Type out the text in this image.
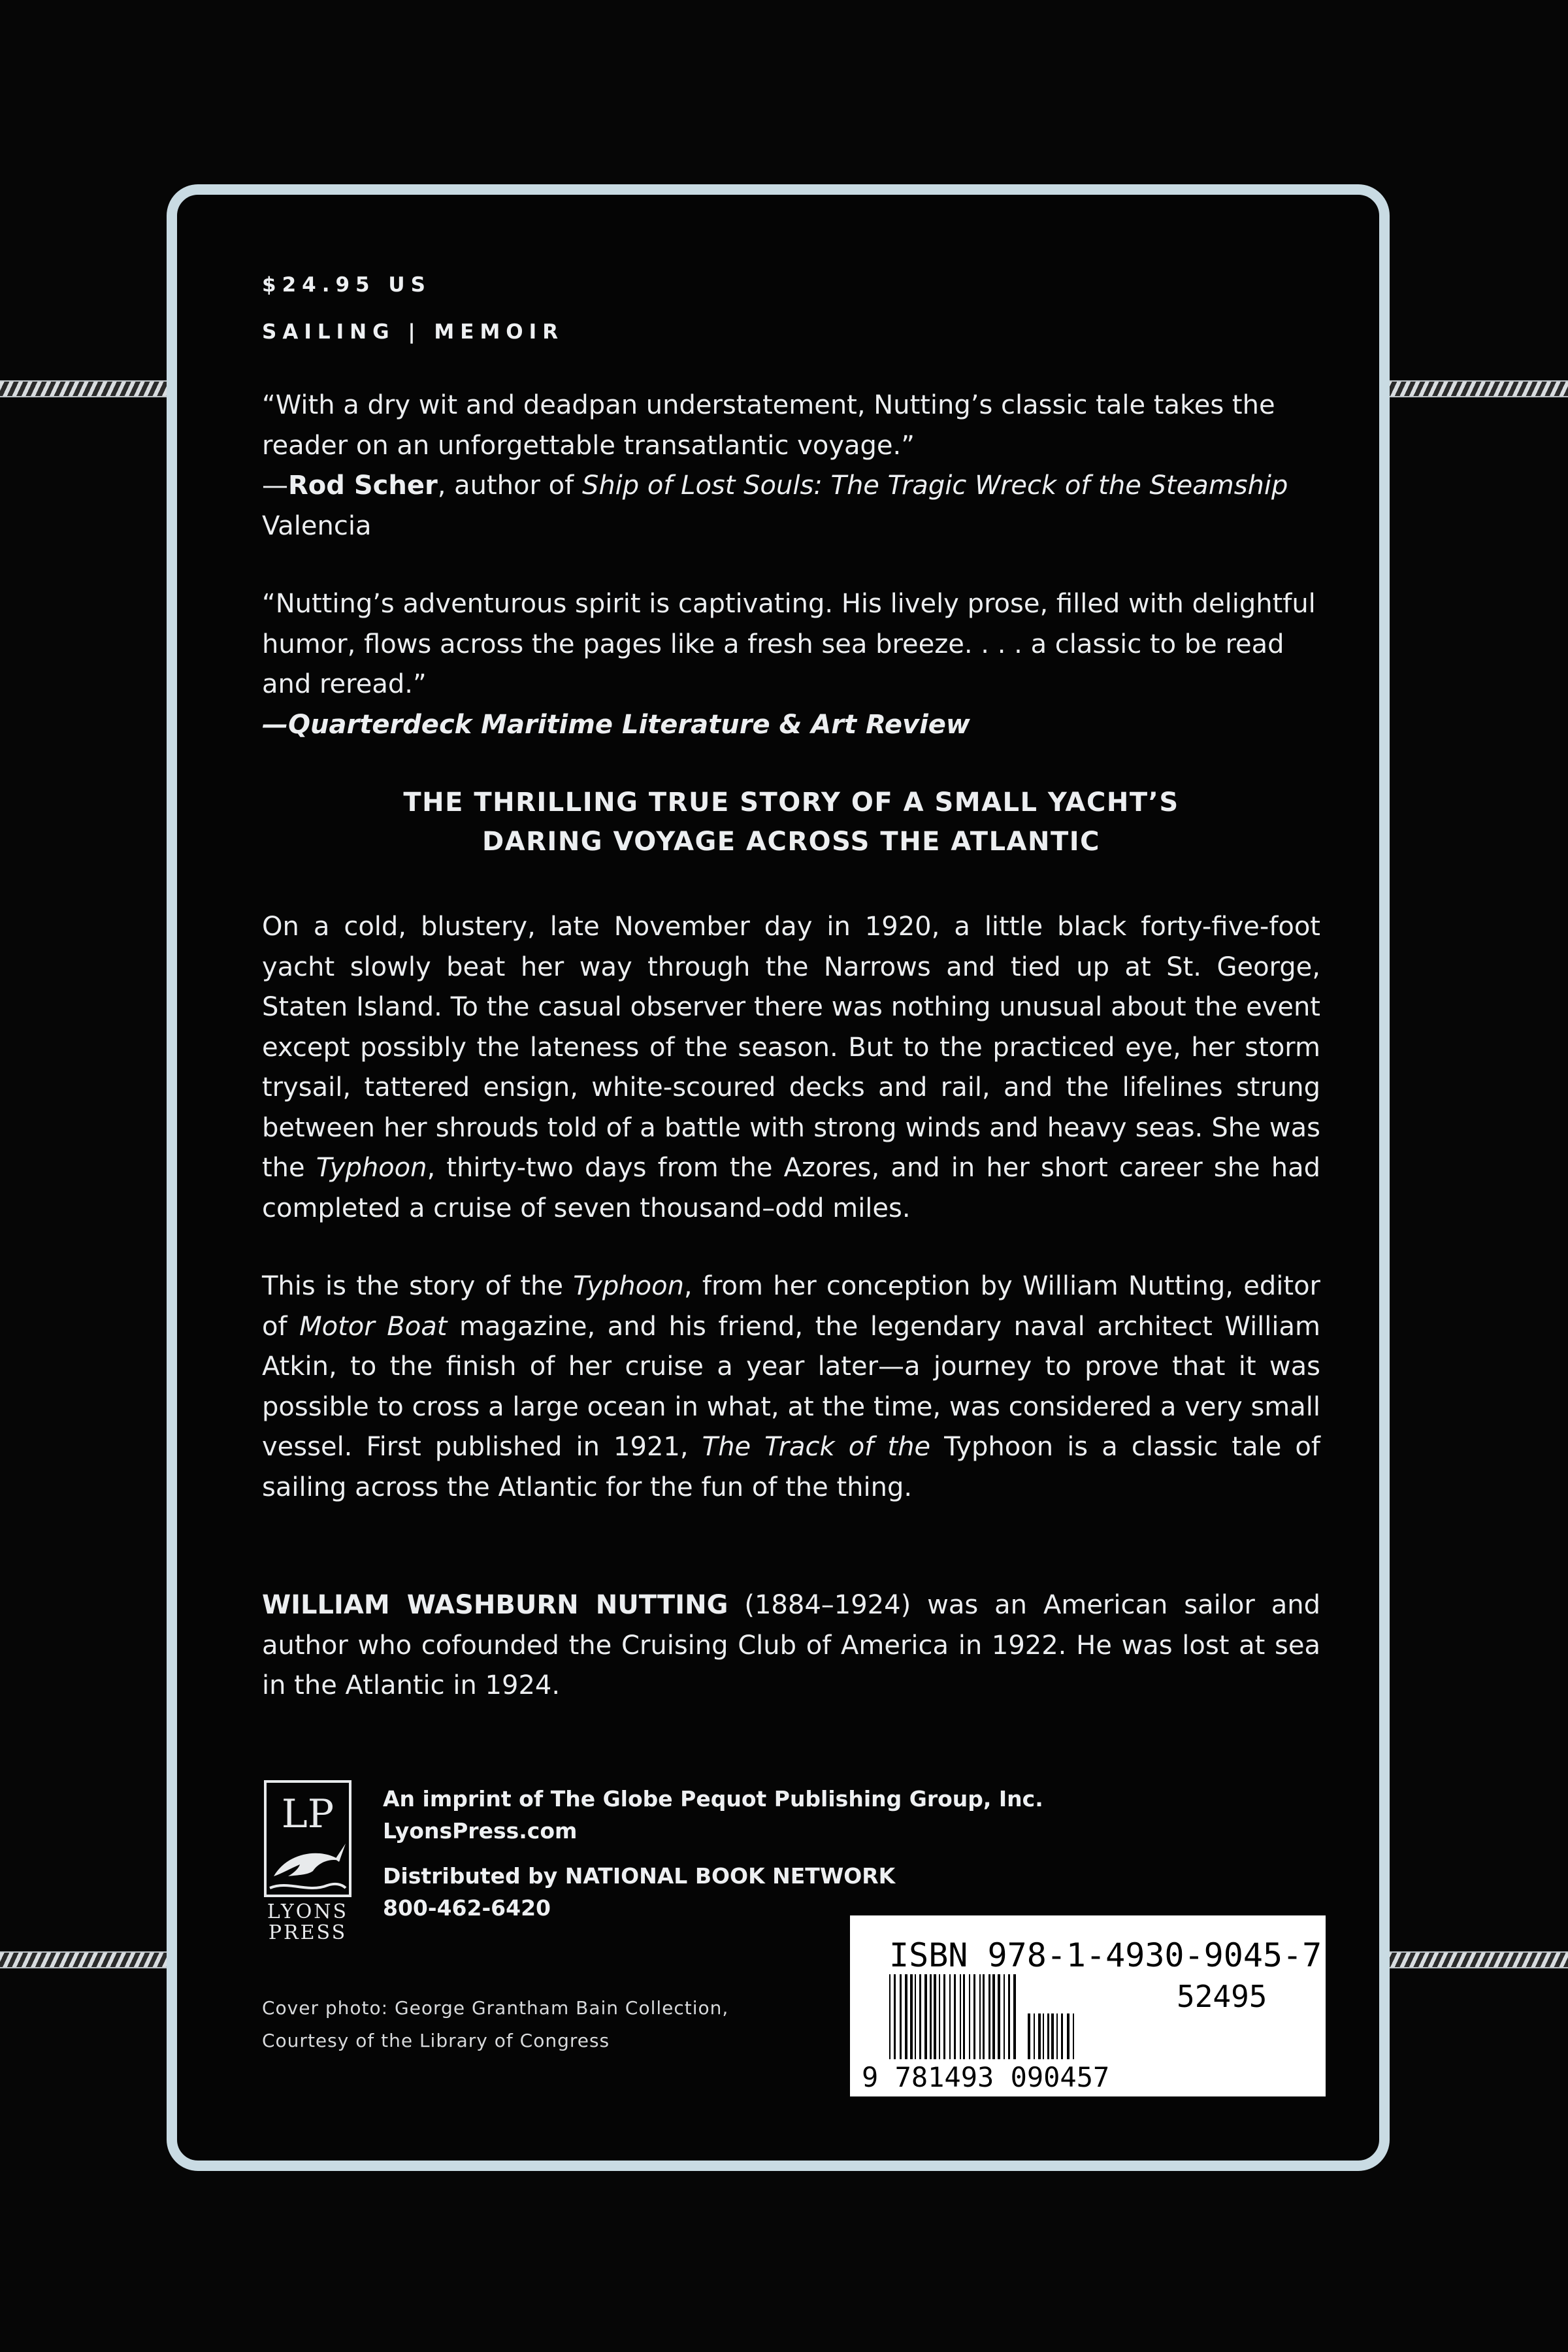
$24.95 US
SAILING | MEMOIR

“With a dry wit and deadpan understatement, Nutting’s classic tale takes the reader on an unforgettable transatlantic voyage.”

—Rod Scher, author of Ship of Lost Souls: The Tragic Wreck of the Steamship Valencia

“Nutting’s adventurous spirit is captivating. His lively prose, filled with delightful humor, flows across the pages like a fresh sea breeze. . . . a classic to be read and reread.”

—Quarterdeck Maritime Literature & Art Review

THE THRILLING TRUE STORY OF A SMALL YACHT’S
DARING VOYAGE ACROSS THE ATLANTIC
On a cold, blustery, late November day in 1920, a little black forty-five-foot yacht slowly beat her way through the Narrows and tied up at St. George, Staten Island. To the casual observer there was nothing unusual about the event except possibly the lateness of the season. But to the practiced eye, her storm trysail, tattered ensign, white-scoured decks and rail, and the lifelines strung between her shrouds told of a battle with strong winds and heavy seas. She was the Typhoon, thirty-two days from the Azores, and in her short career she had completed a cruise of seven thousand–odd miles.
This is the story of the Typhoon, from her conception by William Nutting, editor of Motor Boat magazine, and his friend, the legendary naval architect William Atkin, to the finish of her cruise a year later—a journey to prove that it was possible to cross a large ocean in what, at the time, was considered a very small vessel. First published in 1921, The Track of the Typhoon is a classic tale of sailing across the Atlantic for the fun of the thing.
WILLIAM WASHBURN NUTTING (1884–1924) was an American sailor and author who cofounded the Cruising Club of America in 1922. He was lost at sea in the Atlantic in 1924.
LP
LYONS
PRESS
An imprint of The Globe Pequot Publishing Group, Inc.
LyonsPress.com
Distributed by NATIONAL BOOK NETWORK
800-462-6420
Cover photo: George Grantham Bain Collection,
Courtesy of the Library of Congress
ISBN 978-1-4930-9045-7
52495
9 781493 090457
